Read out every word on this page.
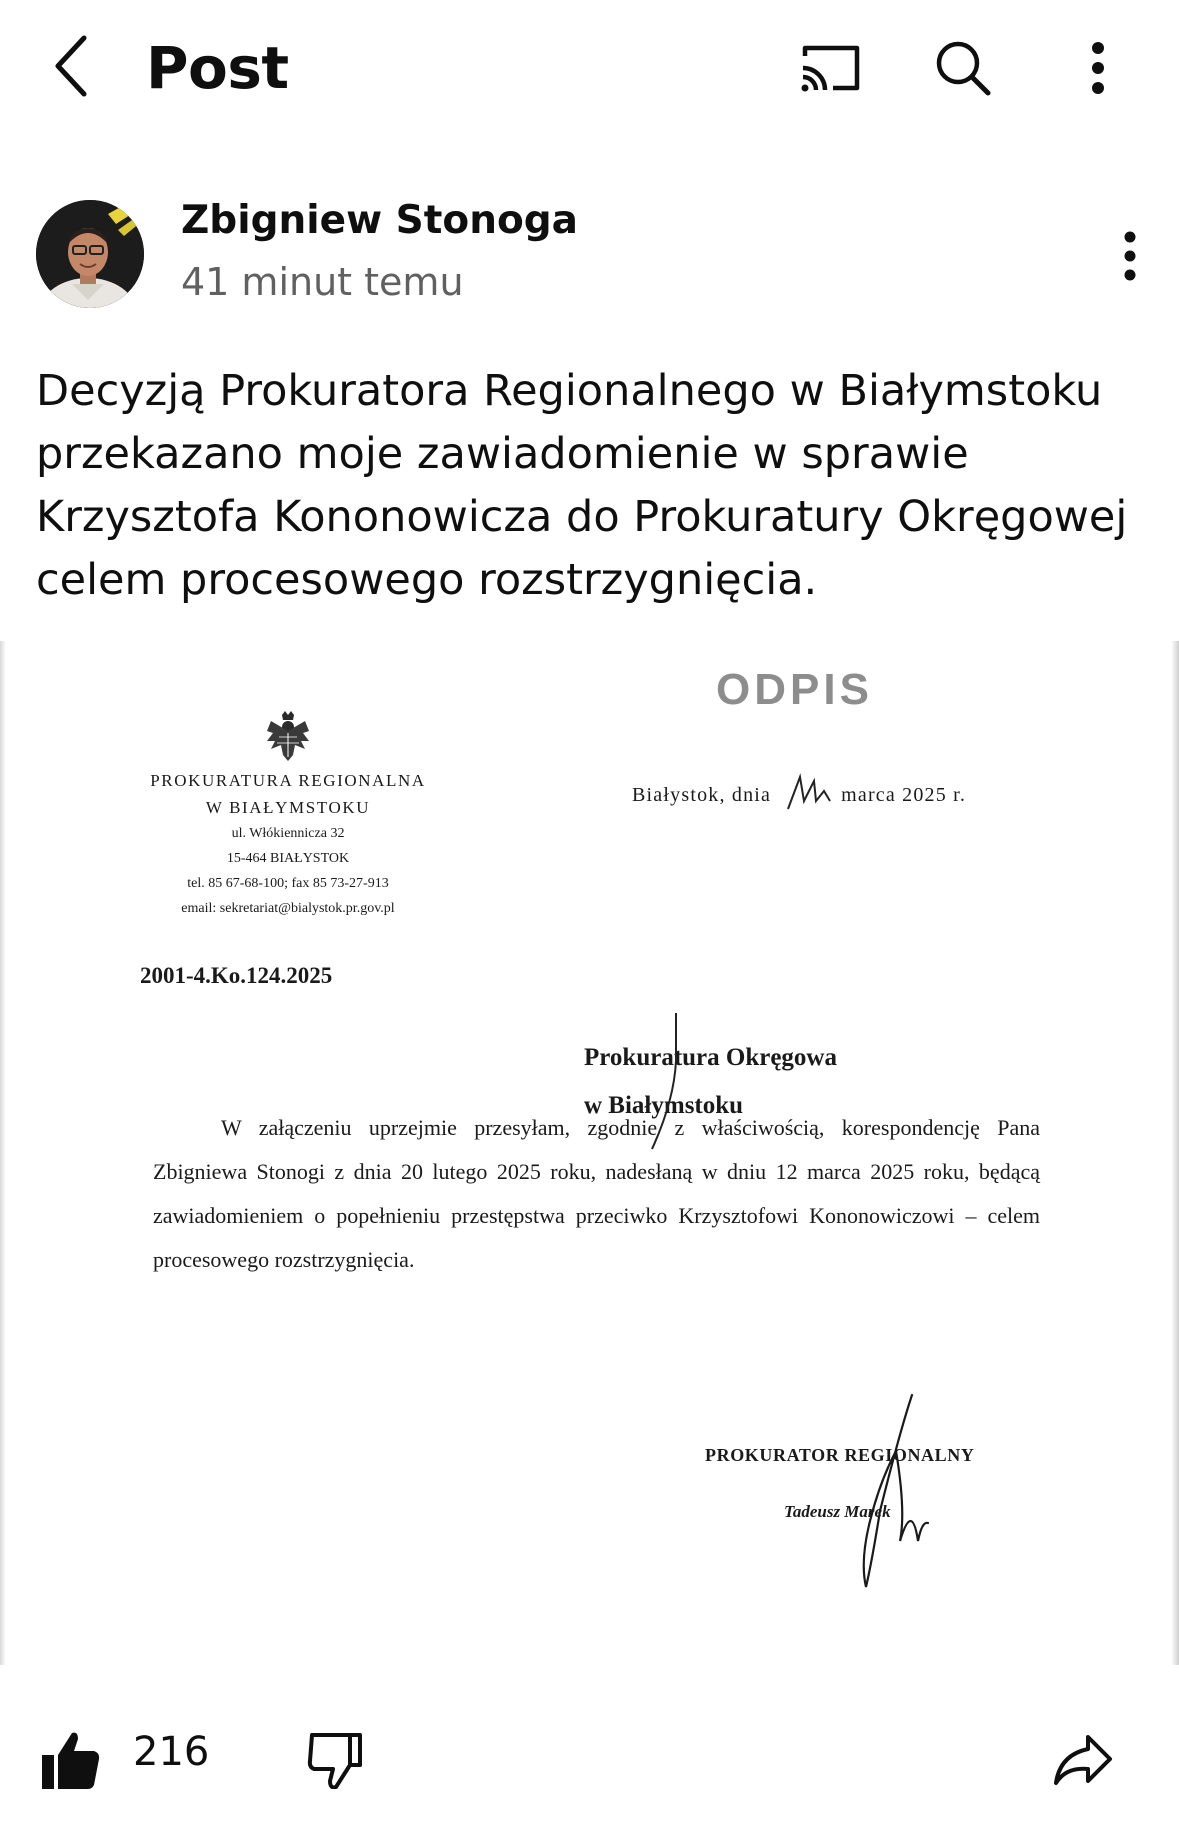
Post
Zbigniew Stonoga
41 minut temu
Decyzją Prokuratora Regionalnego w Białymstoku przekazano moje zawiadomienie w sprawie Krzysztofa Kononowicza do Prokuratury Okręgowej celem procesowego rozstrzygnięcia.
ODPIS
PROKURATURA REGIONALNA
W BIAŁYMSTOKU
ul. Włókiennicza 32
15-464 BIAŁYSTOK
tel. 85 67-68-100; fax 85 73-27-913
email: sekretariat@bialystok.pr.gov.pl
Białystok, dnia	marca 2025 r.
2001-4.Ko.124.2025
Prokuratura Okręgowa
w Białymstoku
W załączeniu uprzejmie przesyłam, zgodnie z właściwością, korespondencję Pana Zbigniewa Stonogi z dnia 20 lutego 2025 roku, nadesłaną w dniu 12 marca 2025 roku, będącą zawiadomieniem o popełnieniu przestępstwa przeciwko Krzysztofowi Kononowiczowi – celem procesowego rozstrzygnięcia.
PROKURATOR REGIONALNY
Tadeusz Marek
216
